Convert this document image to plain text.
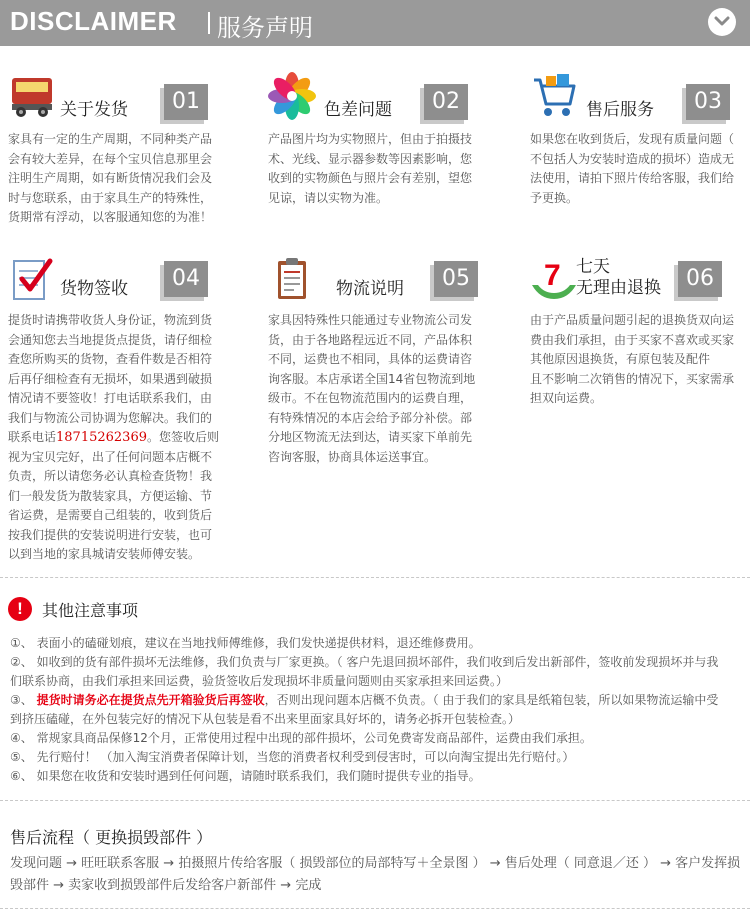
DISCLAIMER 服务声明
关于发货	01
家具有一定的生产周期，不同种类产品
会有较大差异，在每个宝贝信息那里会
注明生产周期，如有断货情况我们会及
时与您联系，由于家具生产的特殊性，
货期常有浮动，以客服通知您的为准！
色差问题	02
产品图片均为实物照片，但由于拍摄技
术、光线、显示器参数等因素影响，您
收到的实物颜色与照片会有差别，望您
见谅，请以实物为准。
售后服务	03
如果您在收到货后，发现有质量问题（
不包括人为安装时造成的损坏）造成无
法使用，请拍下照片传给客服，我们给
予更换。
货物签收	04
提货时请携带收货人身份证，物流到货
会通知您去当地提货点提货，请仔细检
查您所购买的货物，查看件数是否相符
后再仔细检查有无损坏，如果遇到破损
情况请不要签收！打电话联系我们，由
我们与物流公司协调为您解决。我们的
联系电话18715262369。您签收后则
视为宝贝完好，出了任何问题本店概不
负责，所以请您务必认真检查货物！我
们一般发货为散装家具，方便运输、节
省运费，是需要自己组装的，收到货后
按我们提供的安装说明进行安装，也可
以到当地的家具城请安装师傅安装。
物流说明	05
家具因特殊性只能通过专业物流公司发
货，由于各地路程远近不同，产品体积
不同，运费也不相同，具体的运费请咨
询客服。本店承诺全国14省包物流到地
级市。不在包物流范围内的运费自理，
有特殊情况的本店会给予部分补偿。部
分地区物流无法到达，请买家下单前先
咨询客服，协商具体运送事宜。
7 七天
无理由退换	06
由于产品质量问题引起的退换货双向运
费由我们承担，由于买家不喜欢或买家
其他原因退换货，有原包装及配件
且不影响二次销售的情况下，买家需承
担双向运费。
!	其他注意事项
①、 表面小的磕碰划痕，建议在当地找师傅维修，我们发快递提供材料，退还维修费用。
②、 如收到的货有部件损坏无法维修，我们负责与厂家更换。（ 客户先退回损坏部件，我们收到后发出新部件，签收前发现损坏并与我
们联系协商，由我们承担来回运费，验货签收后发现损坏非质量问题则由买家承担来回运费。）
③、 提货时请务必在提货点先开箱验货后再签收，否则出现问题本店概不负责。（ 由于我们的家具是纸箱包装，所以如果物流运输中受
到挤压磕碰，在外包装完好的情况下从包装是看不出来里面家具好坏的，请务必拆开包装检查。）
④、 常规家具商品保修12个月，正常使用过程中出现的部件损坏，公司免费寄发商品部件，运费由我们承担。
⑤、 先行赔付！ （加入淘宝消费者保障计划，当您的消费者权利受到侵害时，可以向淘宝提出先行赔付。）
⑥、 如果您在收货和安装时遇到任何问题，请随时联系我们，我们随时提供专业的指导。
售后流程（ 更换损毁部件 ）
发现问题 → 旺旺联系客服 → 拍摄照片传给客服（ 损毁部位的局部特写＋全景图 ） → 售后处理（ 同意退／还 ） → 客户发挥损毁部件 → 卖家收到损毁部件后发给客户新部件 → 完成
